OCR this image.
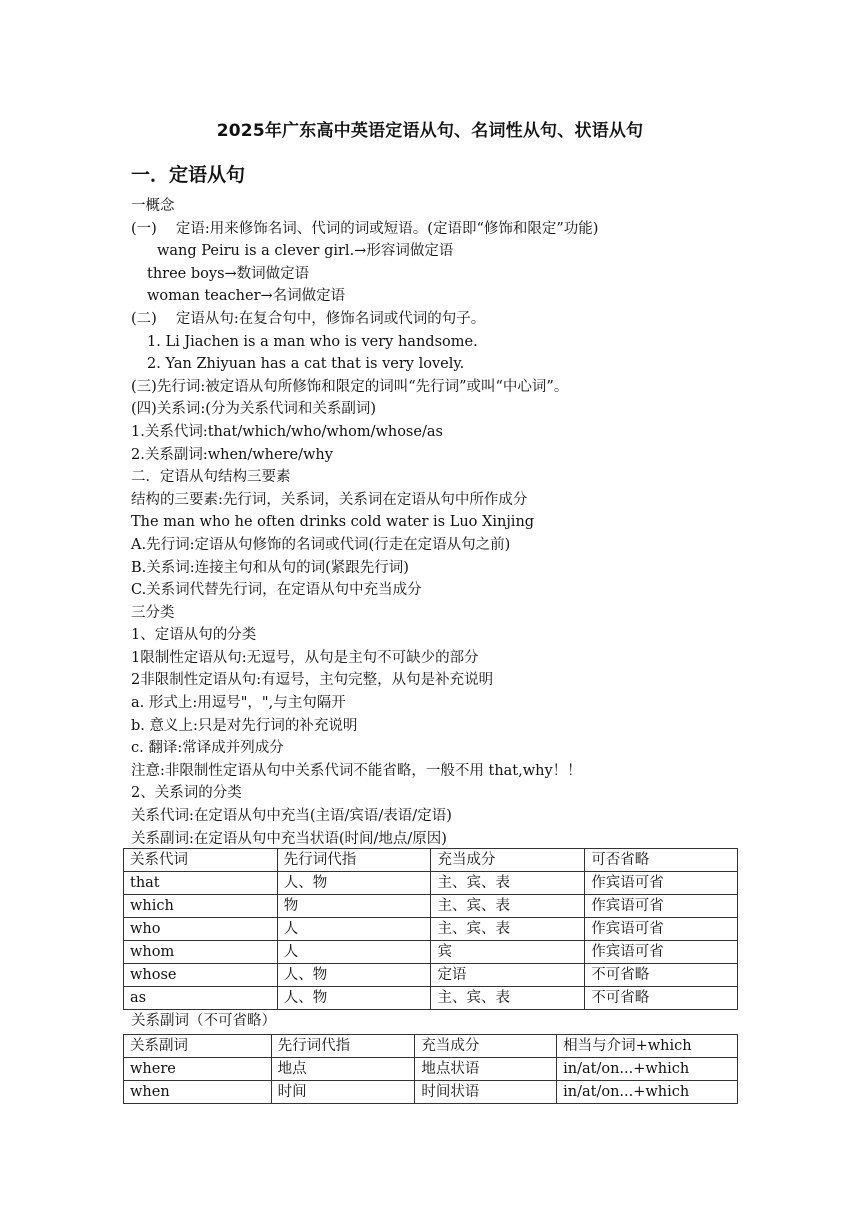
2025年广东高中英语定语从句、名词性从句、状语从句
一．定语从句
一概念
(一)　 定语:用来修饰名词、代词的词或短语。(定语即“修饰和限定”功能)
wang Peiru is a clever girl.→形容词做定语
three boys→数词做定语
woman teacher→名词做定语
(二)　 定语从句:在复合句中，修饰名词或代词的句子。
1. Li Jiachen is a man who is very handsome.
2. Yan Zhiyuan has a cat that is very lovely.
(三)先行词:被定语从句所修饰和限定的词叫“先行词”或叫“中心词”。
(四)关系词:(分为关系代词和关系副词)
1.关系代词:that/which/who/whom/whose/as
2.关系副词:when/where/why
二．定语从句结构三要素
结构的三要素:先行词，关系词，关系词在定语从句中所作成分
The man who he often drinks cold water is Luo Xinjing
A.先行词:定语从句修饰的名词或代词(行走在定语从句之前)
B.关系词:连接主句和从句的词(紧跟先行词)
C.关系词代替先行词，在定语从句中充当成分
三分类
1、定语从句的分类
1限制性定语从句:无逗号，从句是主句不可缺少的部分
2非限制性定语从句:有逗号，主句完整，从句是补充说明
a. 形式上:用逗号"，",与主句隔开
b. 意义上:只是对先行词的补充说明
c. 翻译:常译成并列成分
注意:非限制性定语从句中关系代词不能省略，一般不用 that,why！！
2、关系词的分类
关系代词:在定语从句中充当(主语/宾语/表语/定语)
关系副词:在定语从句中充当状语(时间/地点/原因)
关系代词	先行词代指	充当成分	可否省略
that	人、物	主、宾、表	作宾语可省
which	物	主、宾、表	作宾语可省
who	人	主、宾、表	作宾语可省
whom	人	宾	作宾语可省
whose	人、物	定语	不可省略
as	人、物	主、宾、表	不可省略
关系副词（不可省略）
关系副词	先行词代指	充当成分	相当与介词+which
where	地点	地点状语	in/at/on...+which
when	时间	时间状语	in/at/on...+which
